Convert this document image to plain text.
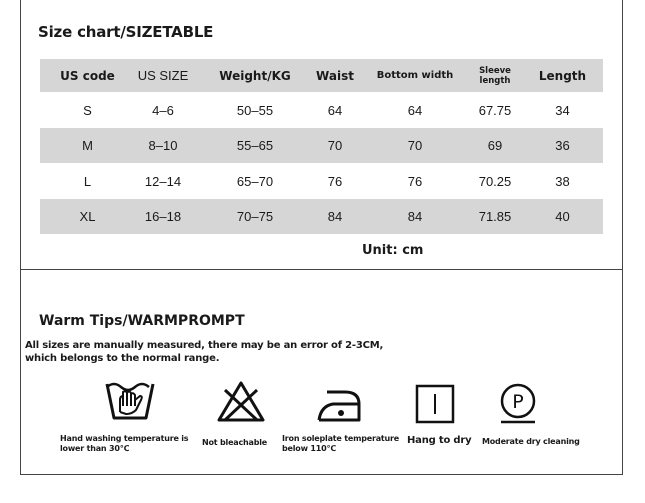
Size chart/SIZETABLE
US code	US SIZE	Weight/KG	Waist	Bottom width	Sleeve length	Length
S	4–6	50–55	64	64	67.75	34
M	8–10	55–65	70	70	69	36
L	12–14	65–70	76	76	70.25	38
XL	16–18	70–75	84	84	71.85	40
Unit: cm
Warm Tips/WARMPROMPT
All sizes are manually measured, there may be an error of 2-3CM,
which belongs to the normal range.
P
Hand washing temperature is
lower than 30℃
Not bleachable Iron soleplate temperature
below 110℃
Hang to dry Moderate dry cleaning
